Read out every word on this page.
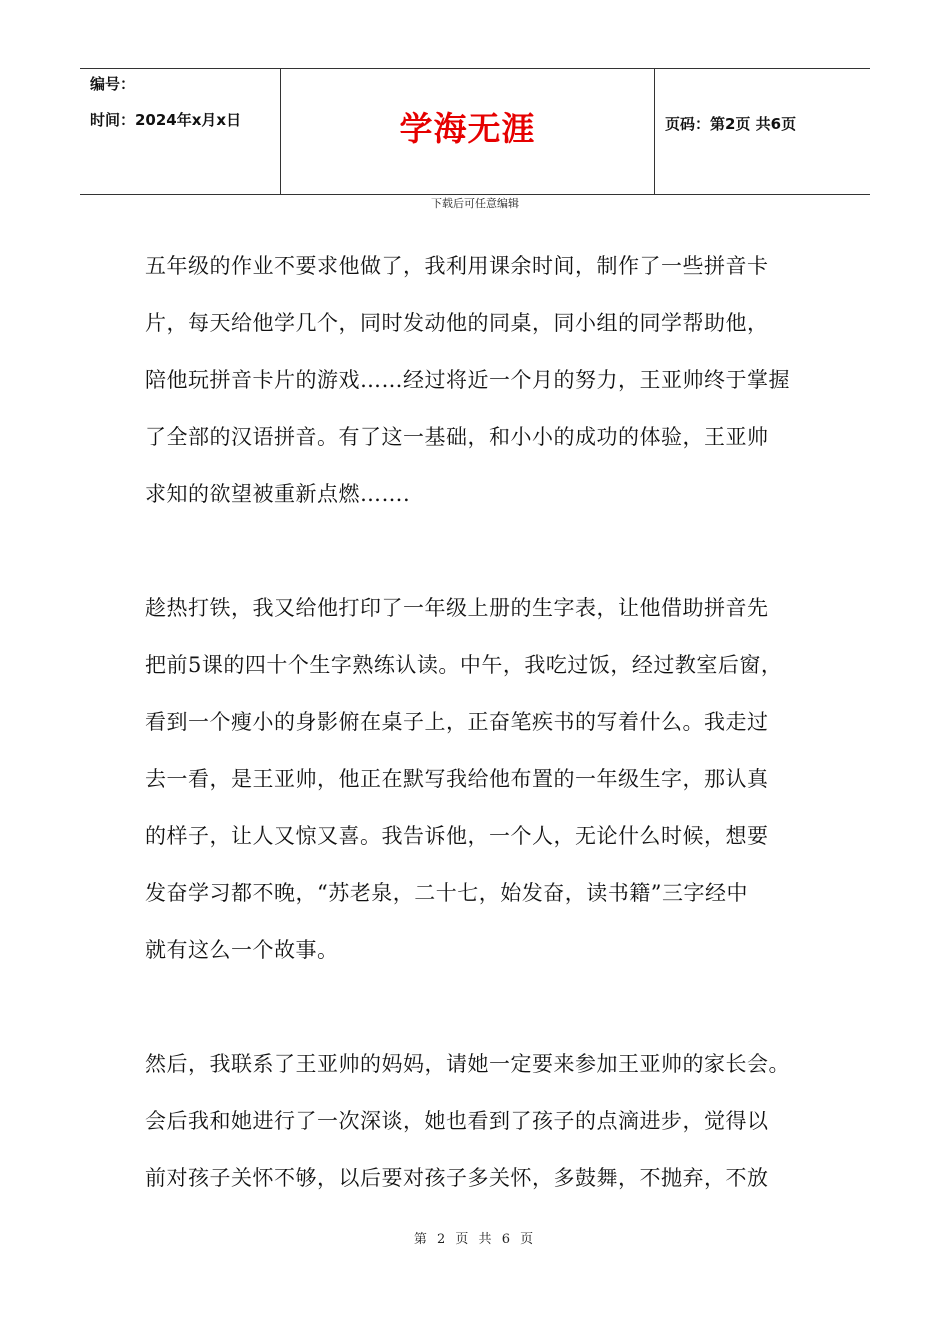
编号：
时间：2024年x月x日	学海无涯	页码：第2页 共6页
下载后可任意编辑
五年级的作业不要求他做了，我利用课余时间，制作了一些拼音卡
片，每天给他学几个，同时发动他的同桌，同小组的同学帮助他，
陪他玩拼音卡片的游戏……经过将近一个月的努力，王亚帅终于掌握
了全部的汉语拼音。有了这一基础，和小小的成功的体验，王亚帅
求知的欲望被重新点燃…….
趁热打铁，我又给他打印了一年级上册的生字表，让他借助拼音先
把前5课的四十个生字熟练认读。中午，我吃过饭，经过教室后窗，
看到一个瘦小的身影俯在桌子上，正奋笔疾书的写着什么。我走过
去一看，是王亚帅，他正在默写我给他布置的一年级生字，那认真
的样子，让人又惊又喜。我告诉他，一个人，无论什么时候，想要
发奋学习都不晚，“苏老泉，二十七，始发奋，读书籍”三字经中
就有这么一个故事。
然后，我联系了王亚帅的妈妈，请她一定要来参加王亚帅的家长会。
会后我和她进行了一次深谈，她也看到了孩子的点滴进步，觉得以
前对孩子关怀不够，以后要对孩子多关怀，多鼓舞，不抛弃，不放
第 2 页 共 6 页
